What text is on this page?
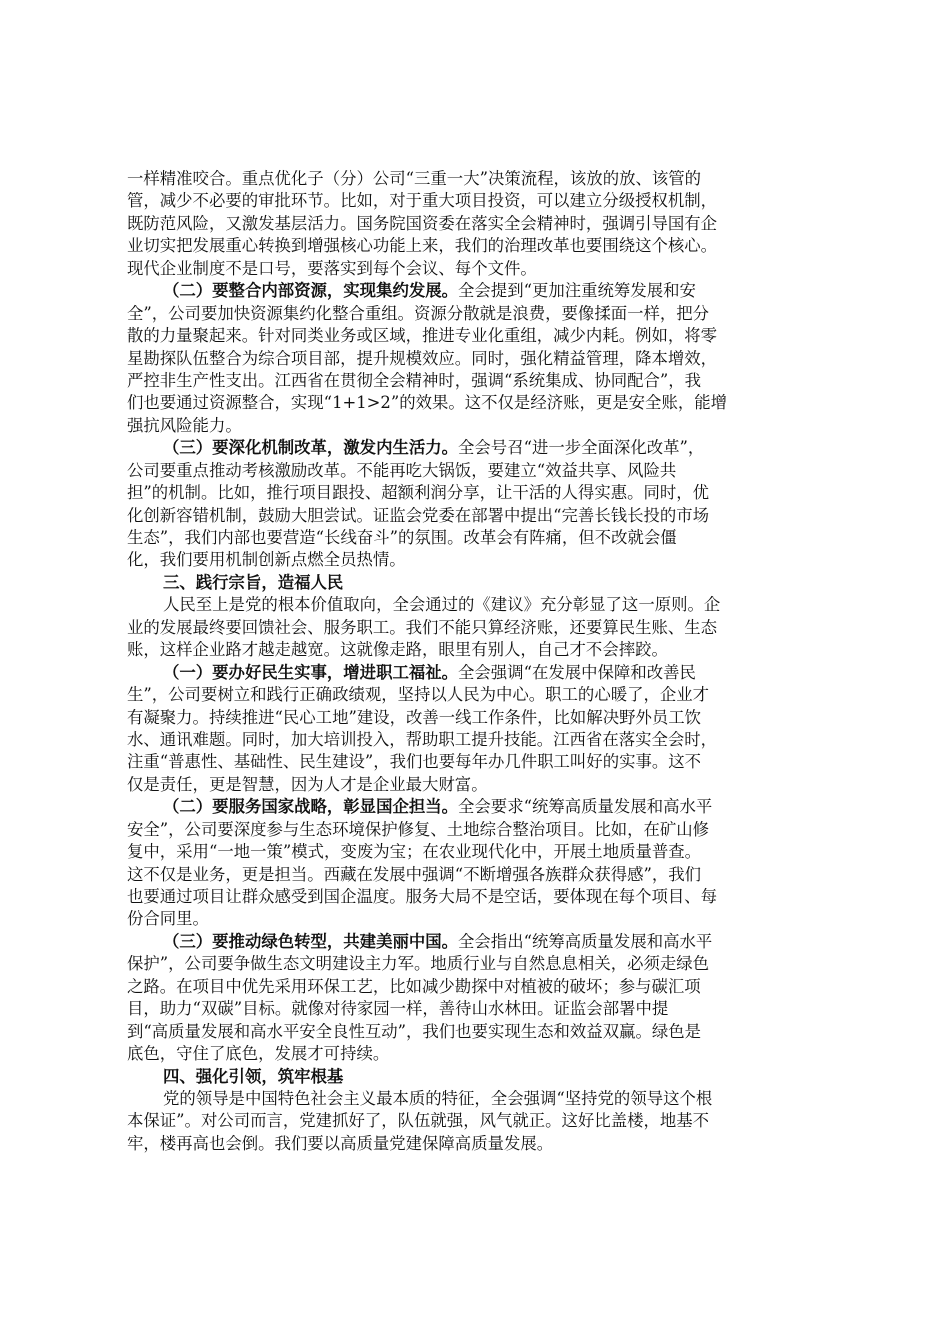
一样精准咬合。重点优化子（分）公司“三重一大”决策流程，该放的放、该管的
管，减少不必要的审批环节。比如，对于重大项目投资，可以建立分级授权机制，
既防范风险，又激发基层活力。国务院国资委在落实全会精神时，强调引导国有企
业切实把发展重心转换到增强核心功能上来，我们的治理改革也要围绕这个核心。
现代企业制度不是口号，要落实到每个会议、每个文件。
（二）要整合内部资源，实现集约发展。全会提到“更加注重统筹发展和安
全”，公司要加快资源集约化整合重组。资源分散就是浪费，要像揉面一样，把分
散的力量聚起来。针对同类业务或区域，推进专业化重组，减少内耗。例如，将零
星勘探队伍整合为综合项目部，提升规模效应。同时，强化精益管理，降本增效，
严控非生产性支出。江西省在贯彻全会精神时，强调“系统集成、协同配合”，我
们也要通过资源整合，实现“1+1>2”的效果。这不仅是经济账，更是安全账，能增
强抗风险能力。
（三）要深化机制改革，激发内生活力。全会号召“进一步全面深化改革”，
公司要重点推动考核激励改革。不能再吃大锅饭，要建立“效益共享、风险共
担”的机制。比如，推行项目跟投、超额利润分享，让干活的人得实惠。同时，优
化创新容错机制，鼓励大胆尝试。证监会党委在部署中提出“完善长钱长投的市场
生态”，我们内部也要营造“长线奋斗”的氛围。改革会有阵痛，但不改就会僵
化，我们要用机制创新点燃全员热情。
三、践行宗旨，造福人民
人民至上是党的根本价值取向，全会通过的《建议》充分彰显了这一原则。企
业的发展最终要回馈社会、服务职工。我们不能只算经济账，还要算民生账、生态
账，这样企业路才越走越宽。这就像走路，眼里有别人，自己才不会摔跤。
（一）要办好民生实事，增进职工福祉。全会强调“在发展中保障和改善民
生”，公司要树立和践行正确政绩观，坚持以人民为中心。职工的心暖了，企业才
有凝聚力。持续推进“民心工地”建设，改善一线工作条件，比如解决野外员工饮
水、通讯难题。同时，加大培训投入，帮助职工提升技能。江西省在落实全会时，
注重“普惠性、基础性、民生建设”，我们也要每年办几件职工叫好的实事。这不
仅是责任，更是智慧，因为人才是企业最大财富。
（二）要服务国家战略，彰显国企担当。全会要求“统筹高质量发展和高水平
安全”，公司要深度参与生态环境保护修复、土地综合整治项目。比如，在矿山修
复中，采用“一地一策”模式，变废为宝；在农业现代化中，开展土地质量普查。
这不仅是业务，更是担当。西藏在发展中强调“不断增强各族群众获得感”，我们
也要通过项目让群众感受到国企温度。服务大局不是空话，要体现在每个项目、每
份合同里。
（三）要推动绿色转型，共建美丽中国。全会指出“统筹高质量发展和高水平
保护”，公司要争做生态文明建设主力军。地质行业与自然息息相关，必须走绿色
之路。在项目中优先采用环保工艺，比如减少勘探中对植被的破坏；参与碳汇项
目，助力“双碳”目标。就像对待家园一样，善待山水林田。证监会部署中提
到“高质量发展和高水平安全良性互动”，我们也要实现生态和效益双赢。绿色是
底色，守住了底色，发展才可持续。
四、强化引领，筑牢根基
党的领导是中国特色社会主义最本质的特征，全会强调“坚持党的领导这个根
本保证”。对公司而言，党建抓好了，队伍就强，风气就正。这好比盖楼，地基不
牢，楼再高也会倒。我们要以高质量党建保障高质量发展。
